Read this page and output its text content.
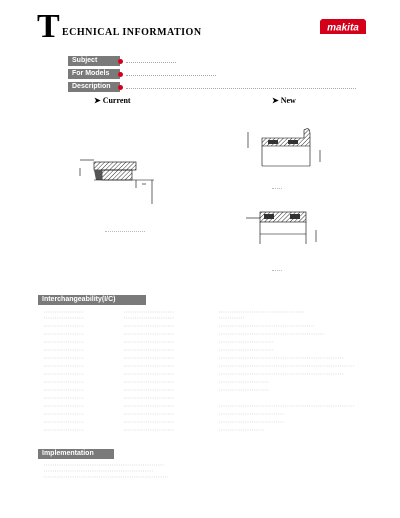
T ECHNICAL INFORMATION	makita
Subject
For Models
Description
➤ Current	➤ New
Interchangeability(I/C)
Implementation
